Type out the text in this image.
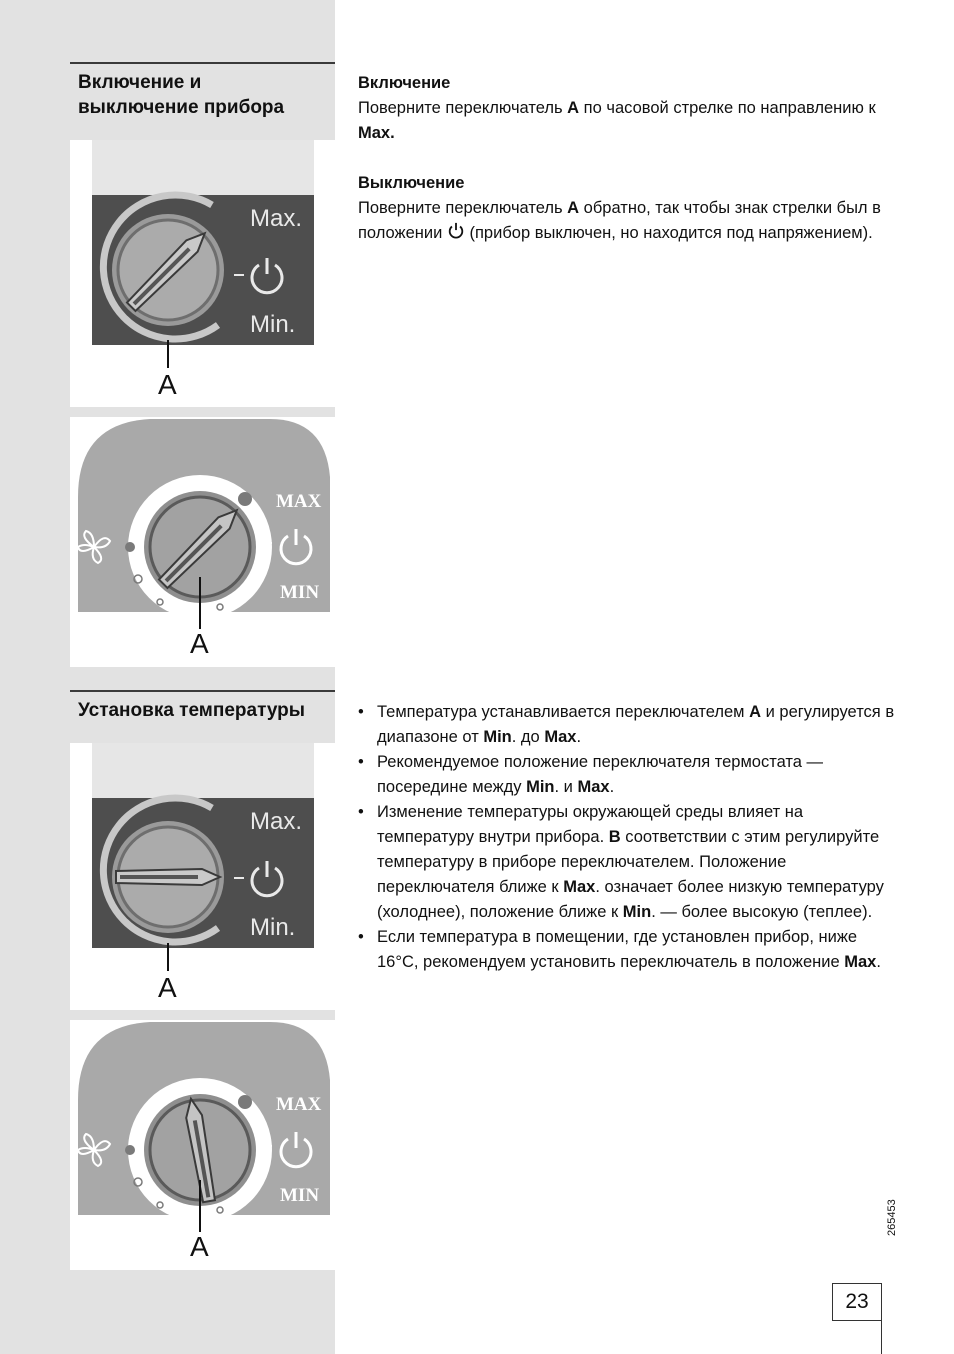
Включение и выключение прибора
Max.
Min.
A
MAX
MIN
A

Включение

Поверните переключатель A по часовой стрелке по направлению к Max.

Выключение

Поверните переключатель A обратно, так чтобы знак стрелки был в положении  (прибор выключен, но находится под напряжением).

Установка температуры
Max.
Min.
A
MAX
MIN
A
• Температура устанавливается переключателем A и регулируется в диапазоне от Min. до Max.
• Рекомендуемое положение переключателя термостата — посередине между Min. и Max.
• Изменение температуры окружающей среды влияет на температуру внутри прибора. В соответствии с этим регулируйте температуру в приборе переключателем. Положение переключателя ближе к Max. означает более низкую температуру (холоднее), положение ближе к Min. — более высокую (теплее).
• Если температура в помещении, где установлен прибор, ниже 16°C, рекомендуем установить переключатель в положение Max.
265453
23
